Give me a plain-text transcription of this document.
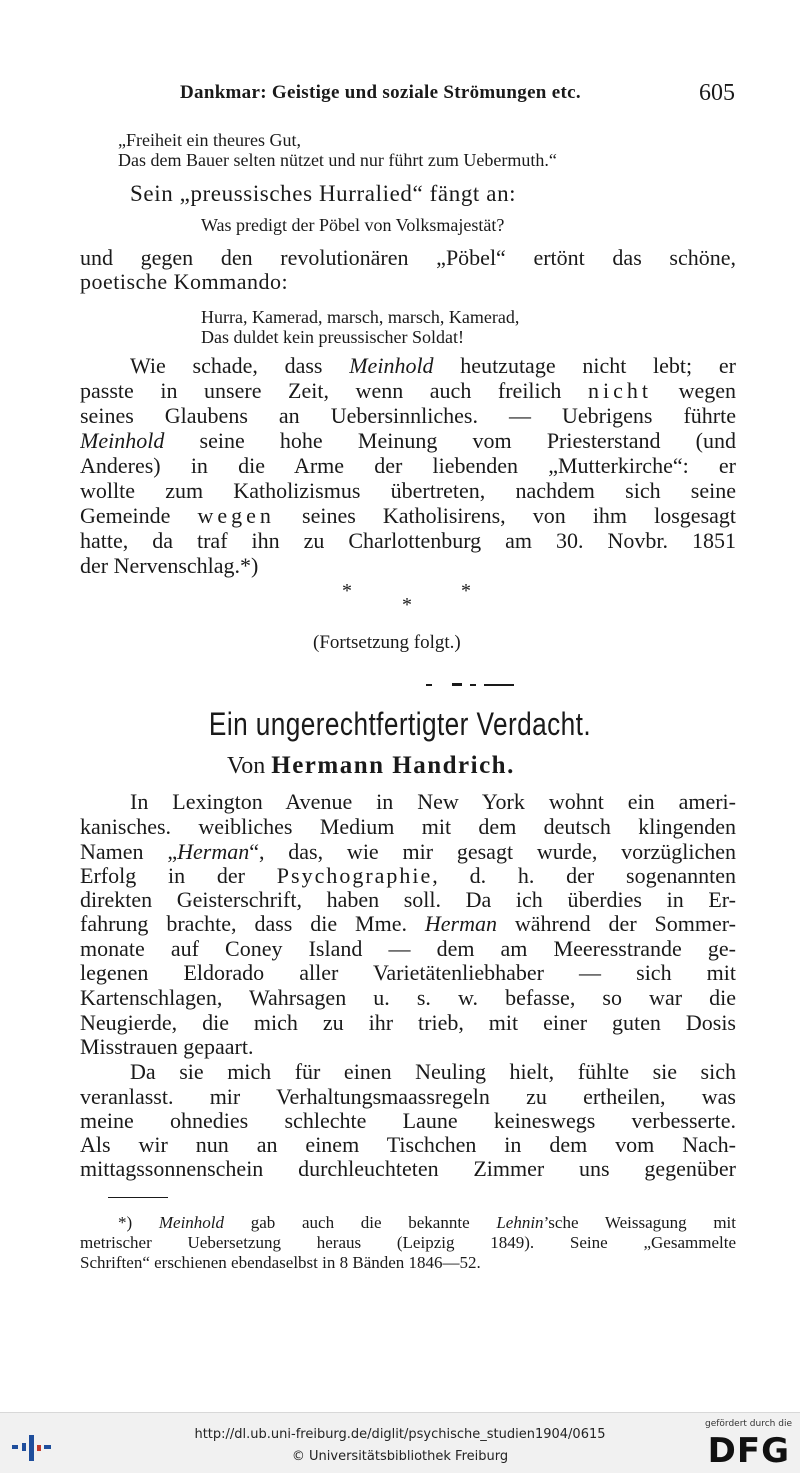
Dankmar: Geistige und soziale Strömungen etc.	605
„Freiheit ein theures Gut,
Das dem Bauer selten nützet und nur führt zum Uebermuth.“
Sein „preussisches Hurralied“ fängt an:
Was predigt der Pöbel von Volksmajestät?
und gegen den revolutionären „Pöbel“ ertönt das schöne,
poetische Kommando:
Hurra, Kamerad, marsch, marsch, Kamerad,
Das duldet kein preussischer Soldat!
Wie schade, dass Meinhold heutzutage nicht lebt; er
passte in unsere Zeit, wenn auch freilich nicht wegen
seines Glaubens an Uebersinnliches. — Uebrigens führte
Meinhold seine hohe Meinung vom Priesterstand (und
Anderes) in die Arme der liebenden „Mutterkirche“: er
wollte zum Katholizismus übertreten, nachdem sich seine
Gemeinde wegen seines Katholisirens, von ihm losgesagt
hatte, da traf ihn zu Charlottenburg am 30. Novbr. 1851
der Nervenschlag.*)
*	*
*
(Fortsetzung folgt.)
Ein ungerechtfertigter Verdacht.
Von Hermann Handrich.
In Lexington Avenue in New York wohnt ein ameri-
kanisches. weibliches Medium mit dem deutsch klingenden
Namen „Herman“, das, wie mir gesagt wurde, vorzüglichen
Erfolg in der Psychographie, d. h. der sogenannten
direkten Geisterschrift, haben soll. Da ich überdies in Er-
fahrung brachte, dass die Mme. Herman während der Sommer-
monate auf Coney Island — dem am Meeresstrande ge-
legenen Eldorado aller Varietätenliebhaber — sich mit
Kartenschlagen, Wahrsagen u. s. w. befasse, so war die
Neugierde, die mich zu ihr trieb, mit einer guten Dosis
Misstrauen gepaart.
Da sie mich für einen Neuling hielt, fühlte sie sich
veranlasst. mir Verhaltungsmaassregeln zu ertheilen, was
meine ohnedies schlechte Laune keineswegs verbesserte.
Als wir nun an einem Tischchen in dem vom Nach-
mittagssonnenschein durchleuchteten Zimmer uns gegenüber
*) Meinhold gab auch die bekannte Lehnin’sche Weissagung mit
metrischer Uebersetzung heraus (Leipzig 1849). Seine „Gesammelte
Schriften“ erschienen ebendaselbst in 8 Bänden 1846—52.
http://dl.ub.uni-freiburg.de/diglit/psychische_studien1904/0615
© Universitätsbibliothek Freiburg
gefördert durch die
DFG
